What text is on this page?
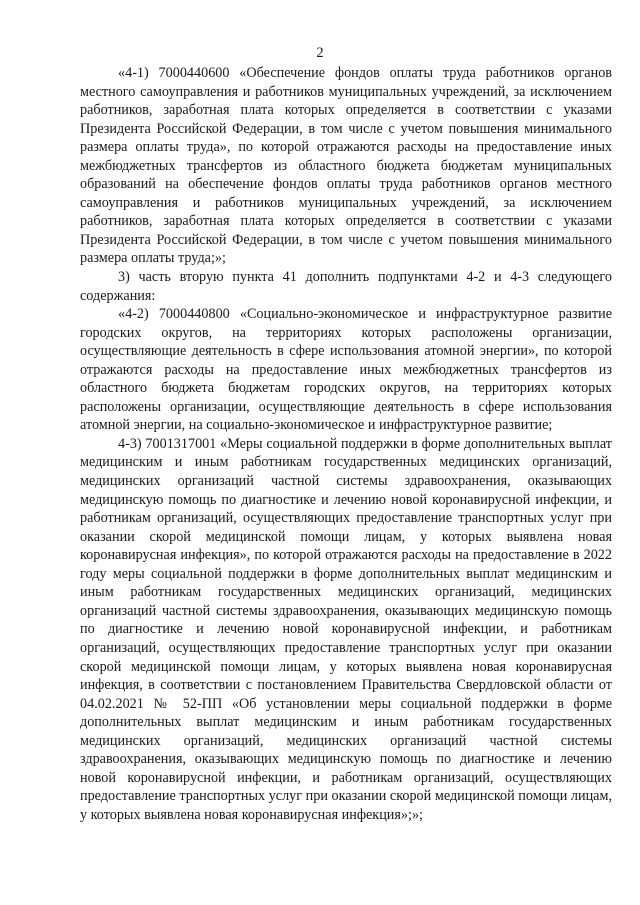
2

«4-1) 7000440600 «Обеспечение фондов оплаты труда работников органов местного самоуправления и работников муниципальных учреждений, за исключением работников, заработная плата которых определяется в соответствии с указами Президента Российской Федерации, в том числе с учетом повышения минимального размера оплаты труда», по которой отражаются расходы на предоставление иных межбюджетных трансфертов из областного бюджета бюджетам муниципальных образований на обеспечение фондов оплаты труда работников органов местного самоуправления и работников муниципальных учреждений, за исключением работников, заработная плата которых определяется в соответствии с указами Президента Российской Федерации, в том числе с учетом повышения минимального размера оплаты труда;»;

3) часть вторую пункта 41 дополнить подпунктами 4-2 и 4-3 следующего содержания:

«4-2) 7000440800 «Социально-экономическое и инфраструктурное развитие городских округов, на территориях которых расположены организации, осуществляющие деятельность в сфере использования атомной энергии», по которой отражаются расходы на предоставление иных межбюджетных трансфертов из областного бюджета бюджетам городских округов, на территориях которых расположены организации, осуществляющие деятельность в сфере использования атомной энергии, на социально-экономическое и инфраструктурное развитие;

4-3) 7001317001 «Меры социальной поддержки в форме дополнительных выплат медицинским и иным работникам государственных медицинских организаций, медицинских организаций частной системы здравоохранения, оказывающих медицинскую помощь по диагностике и лечению новой коронавирусной инфекции, и работникам организаций, осуществляющих предоставление транспортных услуг при оказании скорой медицинской помощи лицам, у которых выявлена новая коронавирусная инфекция», по которой отражаются расходы на предоставление в 2022 году меры социальной поддержки в форме дополнительных выплат медицинским и иным работникам государственных медицинских организаций, медицинских организаций частной системы здравоохранения, оказывающих медицинскую помощь по диагностике и лечению новой коронавирусной инфекции, и работникам организаций, осуществляющих предоставление транспортных услуг при оказании скорой медицинской помощи лицам, у которых выявлена новая коронавирусная инфекция, в соответствии с постановлением Правительства Свердловской области от 04.02.2021 № 52-ПП «Об установлении меры социальной поддержки в форме дополнительных выплат медицинским и иным работникам государственных медицинских организаций, медицинских организаций частной системы здравоохранения, оказывающих медицинскую помощь по диагностике и лечению новой коронавирусной инфекции, и работникам организаций, осуществляющих предоставление транспортных услуг при оказании скорой медицинской помощи лицам, у которых выявлена новая коронавирусная инфекция»;»;
